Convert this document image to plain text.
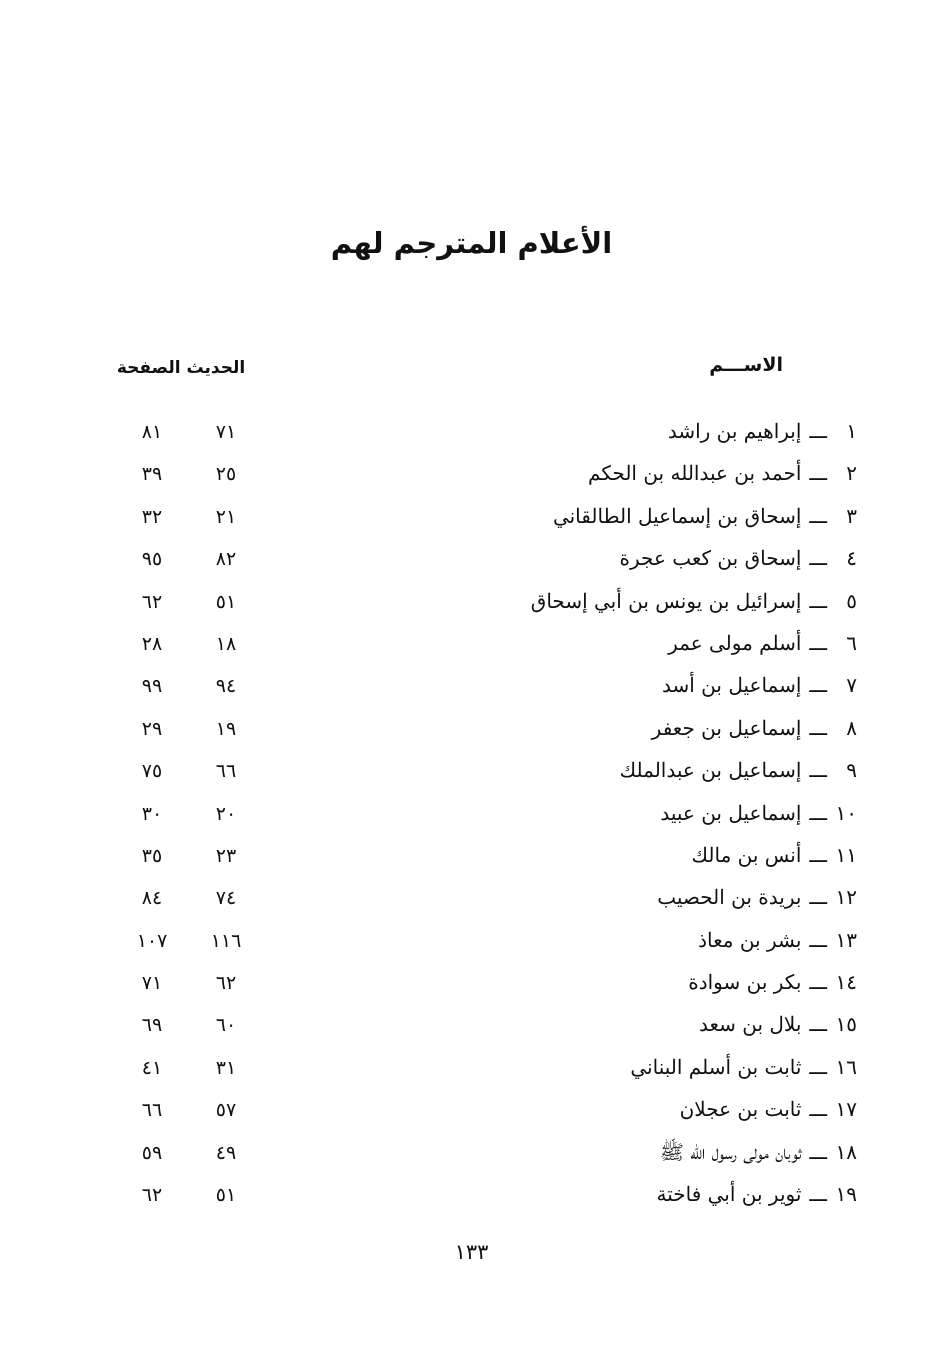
الأعلام المترجم لهم
الاســـم
الحديث الصفحة
١ـــإبراهيم بن راشد
٧١
٨١
٢ـــأحمد بن عبدالله بن الحكم
٢٥
٣٩
٣ـــإسحاق بن إسماعيل الطالقاني
٢١
٣٢
٤ـــإسحاق بن كعب عجرة
٨٢
٩٥
٥ـــإسرائيل بن يونس بن أبي إسحاق
٥١
٦٢
٦ـــأسلم مولى عمر
١٨
٢٨
٧ـــإسماعيل بن أسد
٩٤
٩٩
٨ـــإسماعيل بن جعفر
١٩
٢٩
٩ـــإسماعيل بن عبدالملك
٦٦
٧٥
١٠ـــإسماعيل بن عبيد
٢٠
٣٠
١١ـــأنس بن مالك
٢٣
٣٥
١٢ـــبريدة بن الحصيب
٧٤
٨٤
١٣ـــبشر بن معاذ
١١٦
١٠٧
١٤ـــبكر بن سوادة
٦٢
٧١
١٥ـــبلال بن سعد
٦٠
٦٩
١٦ـــثابت بن أسلم البناني
٣١
٤١
١٧ـــثابت بن عجلان
٥٧
٦٦
١٨ـــثوبان مولى رسول الله ﷺ
٤٩
٥٩
١٩ـــثوير بن أبي فاختة
٥١
٦٢
١٣٣
